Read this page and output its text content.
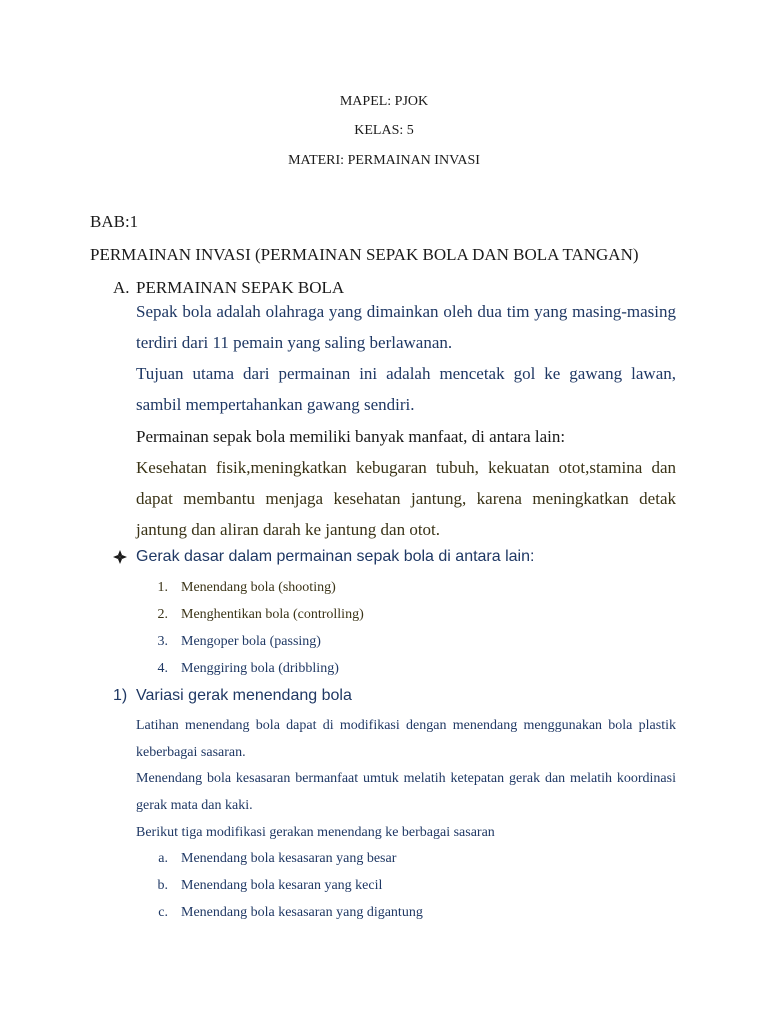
MAPEL: PJOK
KELAS: 5
MATERI: PERMAINAN INVASI
BAB:1
PERMAINAN INVASI (PERMAINAN SEPAK BOLA DAN BOLA TANGAN)
A. PERMAINAN SEPAK BOLA
Sepak bola adalah olahraga yang dimainkan oleh dua tim yang masing-masing terdiri dari 11 pemain yang saling berlawanan.
Tujuan utama dari permainan ini adalah mencetak gol ke gawang lawan, sambil mempertahankan gawang sendiri.
Permainan sepak bola memiliki banyak manfaat, di antara lain:
Kesehatan fisik,meningkatkan kebugaran tubuh, kekuatan otot,stamina dan dapat membantu menjaga kesehatan jantung, karena meningkatkan detak jantung dan aliran darah ke jantung dan otot.
Gerak dasar dalam permainan sepak bola di antara lain:
1. Menendang bola (shooting)
2. Menghentikan bola (controlling)
3. Mengoper bola (passing)
4. Menggiring bola (dribbling)
1) Variasi gerak menendang bola
Latihan menendang bola dapat di modifikasi dengan menendang menggunakan bola plastik keberbagai sasaran.
Menendang bola kesasaran bermanfaat umtuk melatih ketepatan gerak dan melatih koordinasi gerak mata dan kaki.
Berikut tiga modifikasi gerakan menendang ke berbagai sasaran
a. Menendang bola kesasaran yang besar
b. Menendang bola kesaran yang kecil
c. Menendang bola kesasaran yang digantung
